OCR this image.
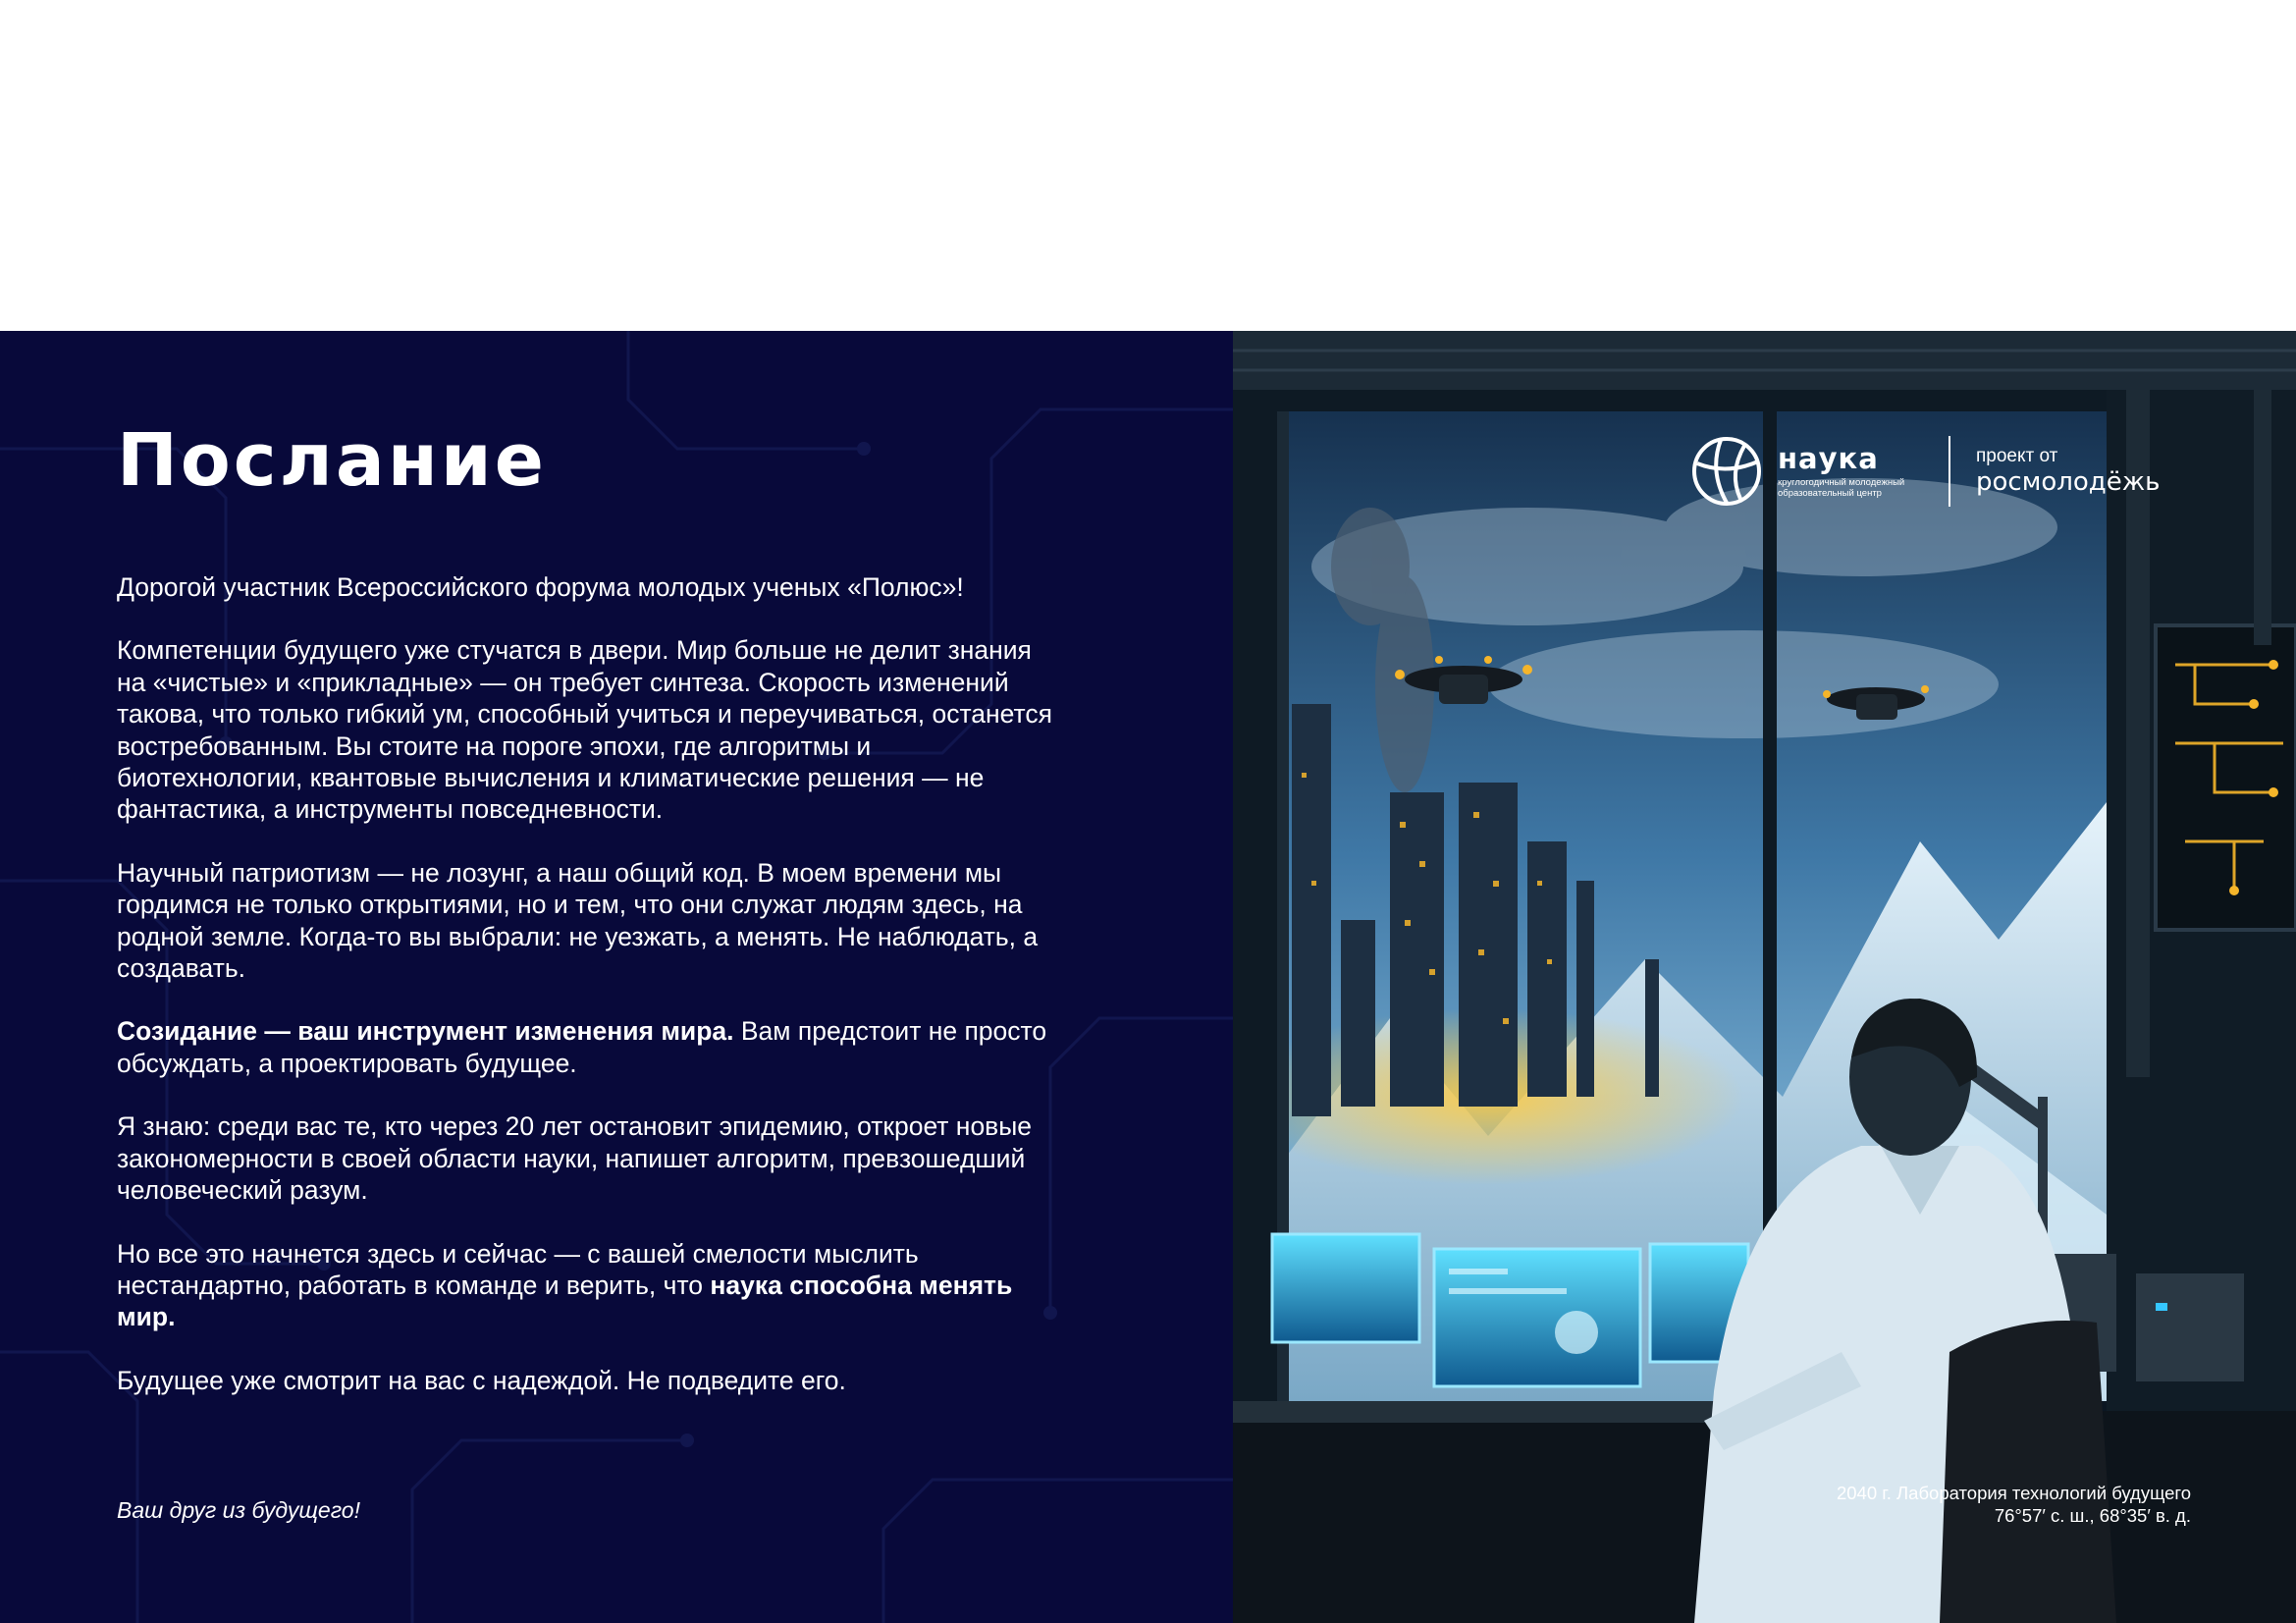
Послание

Дорогой участник Всероссийского форума молодых ученых «Полюс»!

Компетенции будущего уже стучатся в двери. Мир больше не делит знания на «чистые» и «прикладные» — он требует синтеза. Скорость изменений такова, что только гибкий ум, способный учиться и переучиваться, останется востребованным. Вы стоите на пороге эпохи, где алгоритмы и биотехнологии, квантовые вычисления и климатические решения — не фантастика, а инструменты повседневности.

Научный патриотизм — не лозунг, а наш общий код. В моем времени мы гордимся не только открытиями, но и тем, что они служат людям здесь, на родной земле. Когда-то вы выбрали: не уезжать, а менять. Не наблюдать, а создавать.

Созидание — ваш инструмент изменения мира. Вам предстоит не просто обсуждать, а проектировать будущее.

Я знаю: среди вас те, кто через 20 лет остановит эпидемию, откроет новые закономерности в своей области науки, напишет алгоритм, превзошедший человеческий разум.

Но все это начнется здесь и сейчас — с вашей смелости мыслить нестандартно, работать в команде и верить, что наука способна менять мир.

Будущее уже смотрит на вас с надеждой. Не подведите его.

Ваш друг из будущего!

наука
круглогодичный молодежный образовательный центр
проект от
росмолодёжь
2040 г. Лаборатория технологий будущего
76°57′ с. ш., 68°35′ в. д.
